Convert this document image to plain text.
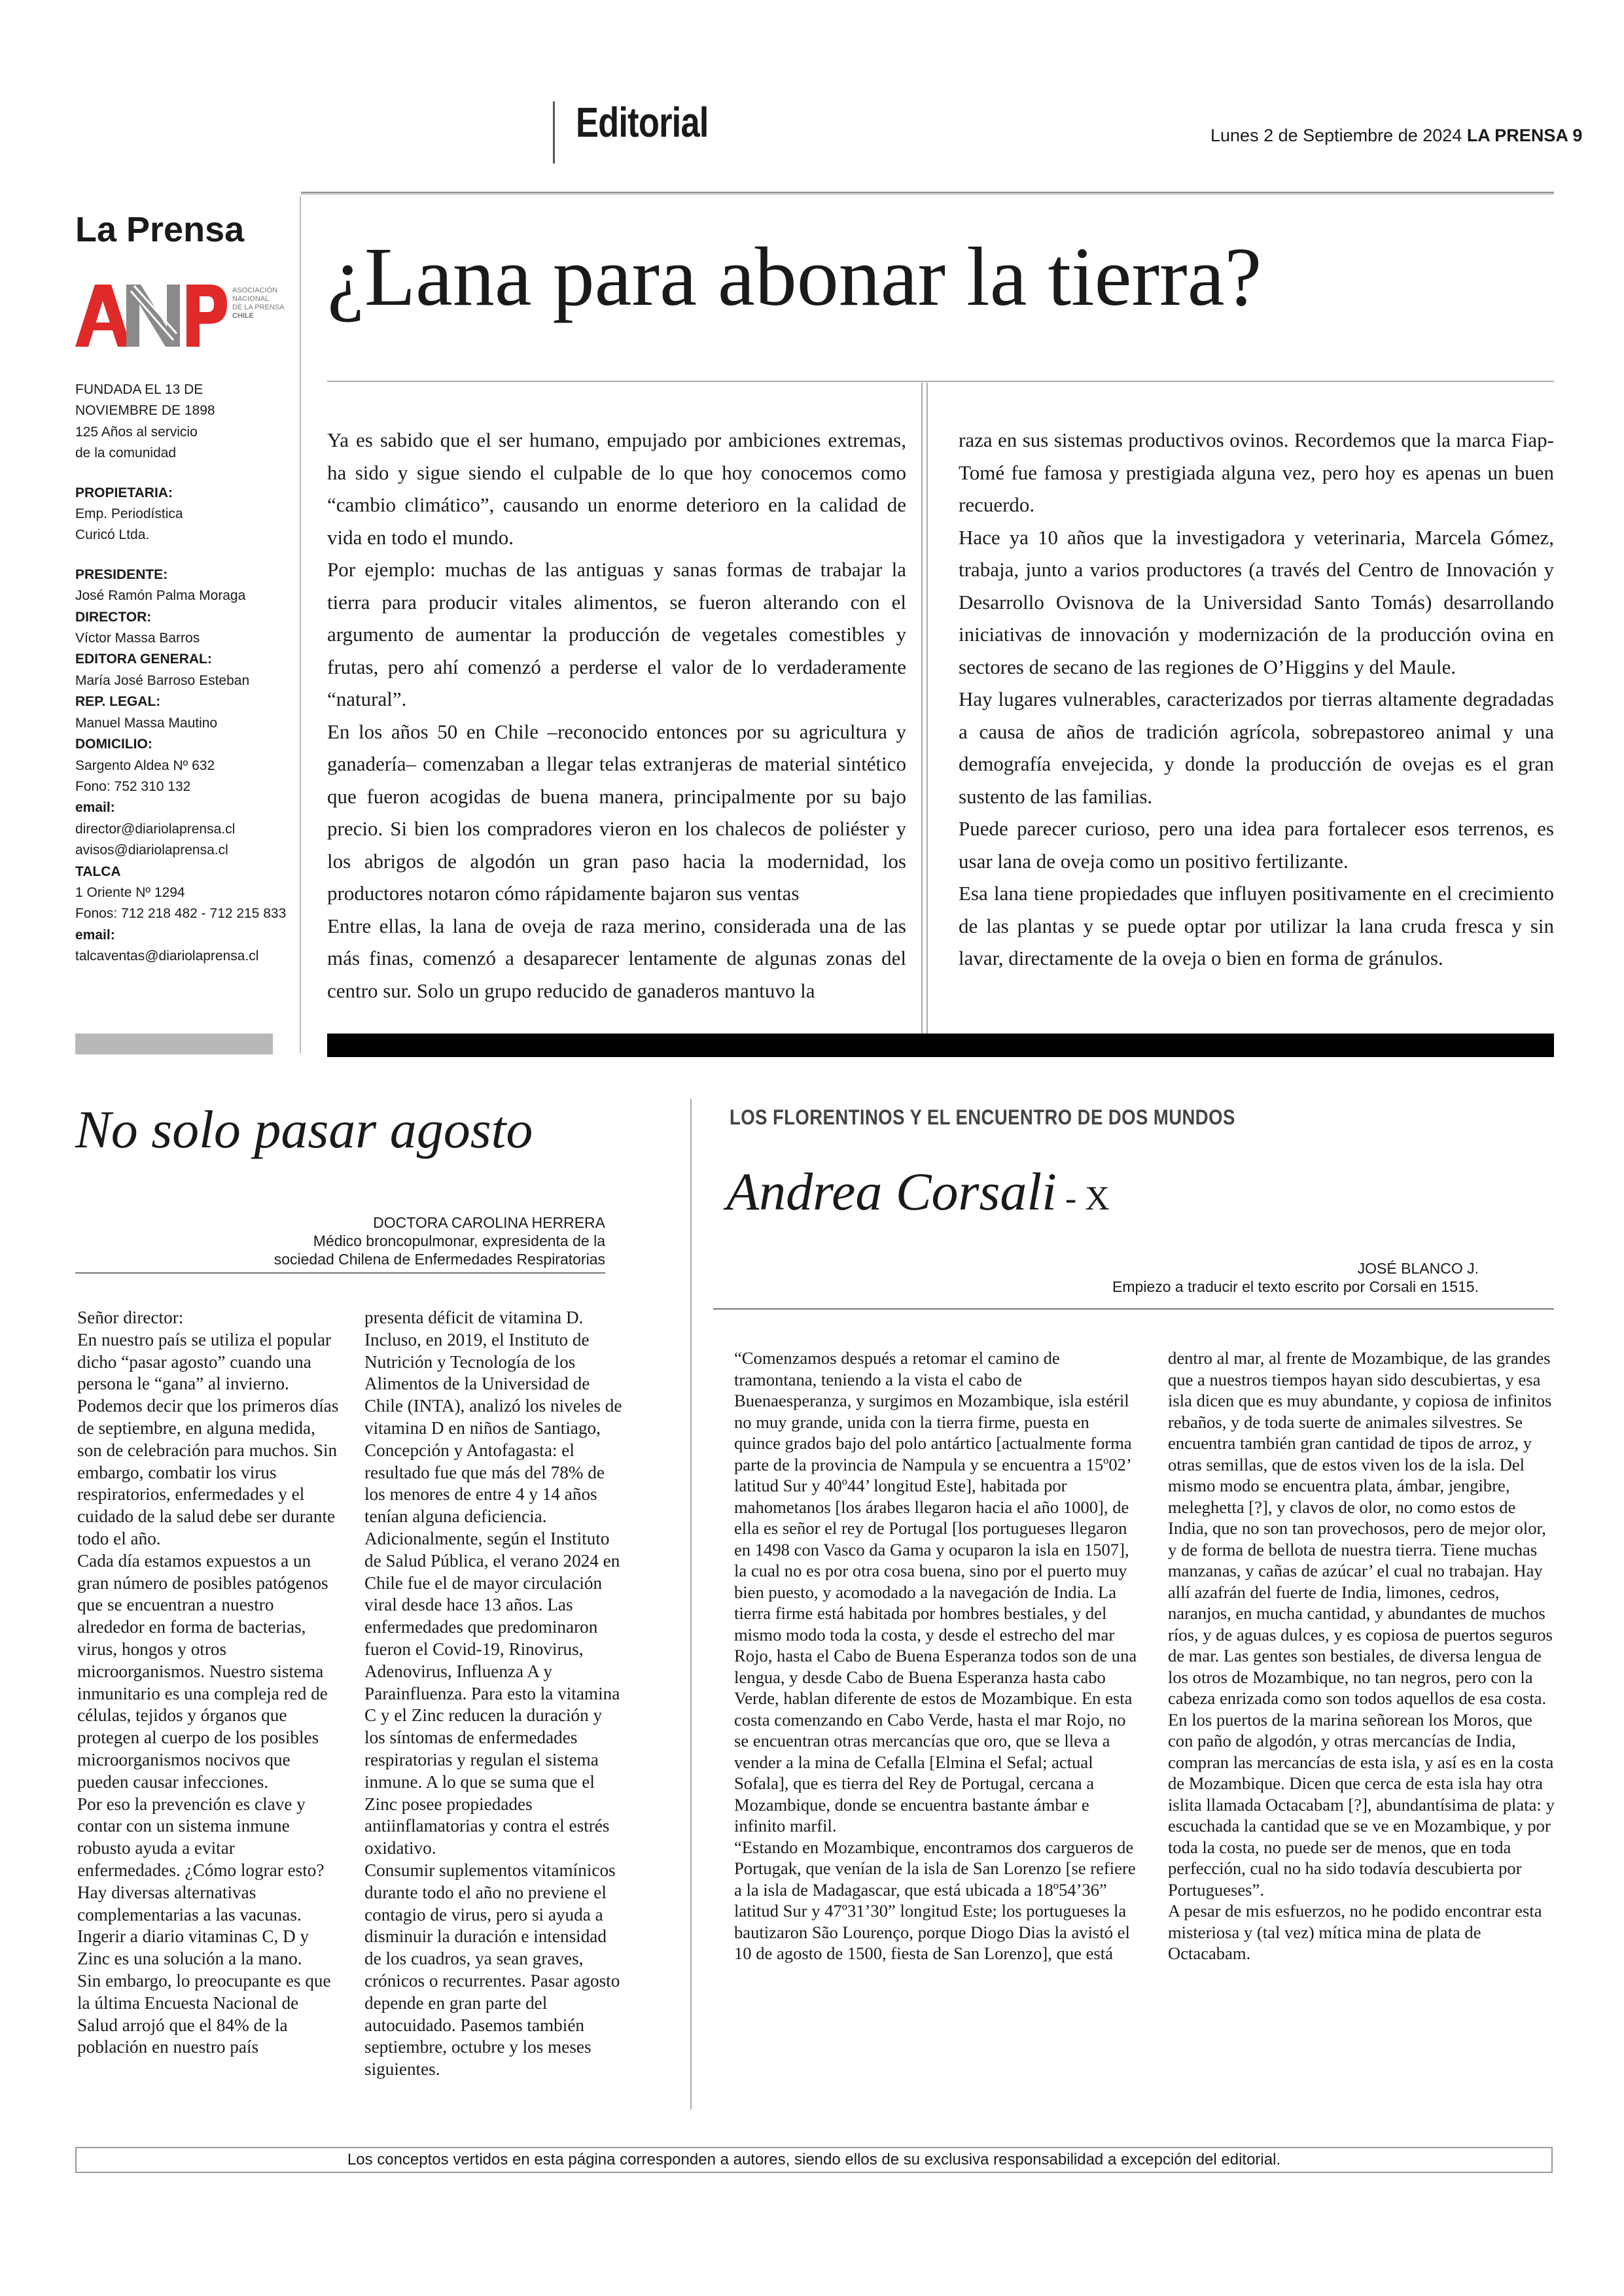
Editorial	Lunes 2 de Septiembre de 2024 LA PRENSA 9
La Prensa
ASOCIACIÓN
NACIONAL
DE LA PRENSA
CHILE
FUNDADA EL 13 DE
NOVIEMBRE DE 1898
125 Años al servicio
de la comunidad
PROPIETARIA:
Emp. Periodística
Curicó Ltda.
PRESIDENTE:
José Ramón Palma Moraga
DIRECTOR:
Víctor Massa Barros
EDITORA GENERAL:
María José Barroso Esteban
REP. LEGAL:
Manuel Massa Mautino
DOMICILIO:
Sargento Aldea Nº 632
Fono: 752 310 132
email:
director@diariolaprensa.cl
avisos@diariolaprensa.cl
TALCA
1 Oriente Nº 1294
Fonos: 712 218 482 - 712 215 833
email:
talcaventas@diariolaprensa.cl
¿Lana para abonar la tierra?

Ya es sabido que el ser humano, empujado por ambiciones extremas, ha sido y sigue siendo el culpable de lo que hoy conocemos como “cambio climático”, causando un enorme deterioro en la calidad de vida en todo el mundo.

Por ejemplo: muchas de las antiguas y sanas formas de trabajar la tierra para producir vitales alimentos, se fueron alterando con el argumento de aumentar la producción de vegetales comestibles y frutas, pero ahí comenzó a perderse el valor de lo verdaderamente “natural”.

En los años 50 en Chile –reconocido entonces por su agricultura y ganadería– comenzaban a llegar telas extranjeras de material sintético que fueron acogidas de buena manera, principalmente por su bajo precio. Si bien los compradores vieron en los chalecos de poliéster y los abrigos de algodón un gran paso hacia la modernidad, los productores notaron cómo rápidamente bajaron sus ventas

Entre ellas, la lana de oveja de raza merino, considerada una de las más finas, comenzó a desaparecer lentamente de algunas zonas del centro sur. Solo un grupo reducido de ganaderos mantuvo la

raza en sus sistemas productivos ovinos. Recordemos que la marca Fiap-Tomé fue famosa y prestigiada alguna vez, pero hoy es apenas un buen recuerdo.

Hace ya 10 años que la investigadora y veterinaria, Marcela Gómez, trabaja, junto a varios productores (a través del Centro de Innovación y Desarrollo Ovisnova de la Universidad Santo Tomás) desarrollando iniciativas de innovación y modernización de la producción ovina en sectores de secano de las regiones de O’Higgins y del Maule.

Hay lugares vulnerables, caracterizados por tierras altamente degradadas a causa de años de tradición agrícola, sobrepastoreo animal y una demografía envejecida, y donde la producción de ovejas es el gran sustento de las familias.

Puede parecer curioso, pero una idea para fortalecer esos terrenos, es usar lana de oveja como un positivo fertilizante.

Esa lana tiene propiedades que influyen positivamente en el crecimiento de las plantas y se puede optar por utilizar la lana cruda fresca y sin lavar, directamente de la oveja o bien en forma de gránulos.

No solo pasar agosto
DOCTORA CAROLINA HERRERA
Médico broncopulmonar, expresidenta de la sociedad Chilena de Enfermedades Respiratorias

Señor director:

En nuestro país se utiliza el popular dicho “pasar agosto” cuando una persona le “gana” al invierno. Podemos decir que los primeros días de septiembre, en alguna medida, son de celebración para muchos. Sin embargo, combatir los virus respiratorios, enfermedades y el cuidado de la salud debe ser durante todo el año.

Cada día estamos expuestos a un gran número de posibles patógenos que se encuentran a nuestro alrededor en forma de bacterias, virus, hongos y otros microorganismos. Nuestro sistema inmunitario es una compleja red de células, tejidos y órganos que protegen al cuerpo de los posibles microorganismos nocivos que pueden causar infecciones.

Por eso la prevención es clave y contar con un sistema inmune robusto ayuda a evitar enfermedades. ¿Cómo lograr esto? Hay diversas alternativas complementarias a las vacunas. Ingerir a diario vitaminas C, D y Zinc es una solución a la mano.

Sin embargo, lo preocupante es que la última Encuesta Nacional de Salud arrojó que el 84% de la población en nuestro país

presenta déficit de vitamina D. Incluso, en 2019, el Instituto de Nutrición y Tecnología de los Alimentos de la Universidad de Chile (INTA), analizó los niveles de vitamina D en niños de Santiago, Concepción y Antofagasta: el resultado fue que más del 78% de los menores de entre 4 y 14 años tenían alguna deficiencia.

Adicionalmente, según el Instituto de Salud Pública, el verano 2024 en Chile fue el de mayor circulación viral desde hace 13 años. Las enfermedades que predominaron fueron el Covid-19, Rinovirus, Adenovirus, Influenza A y Parainfluenza. Para esto la vitamina C y el Zinc reducen la duración y los síntomas de enfermedades respiratorias y regulan el sistema inmune. A lo que se suma que el Zinc posee propiedades antiinflamatorias y contra el estrés oxidativo.

Consumir suplementos vitamínicos durante todo el año no previene el contagio de virus, pero si ayuda a disminuir la duración e intensidad de los cuadros, ya sean graves, crónicos o recurrentes. Pasar agosto depende en gran parte del autocuidado. Pasemos también septiembre, octubre y los meses siguientes.

LOS FLORENTINOS Y EL ENCUENTRO DE DOS MUNDOS
Andrea Corsali - X
JOSÉ BLANCO J.
Empiezo a traducir el texto escrito por Corsali en 1515.

“Comenzamos después a retomar el camino de tramontana, teniendo a la vista el cabo de Buenaesperanza, y surgimos en Mozambique, isla estéril no muy grande, unida con la tierra firme, puesta en quince grados bajo del polo antártico [actualmente forma parte de la provincia de Nampula y se encuentra a 15º02’ latitud Sur y 40º44’ longitud Este], habitada por mahometanos [los árabes llegaron hacia el año 1000], de ella es señor el rey de Portugal [los portugueses llegaron en 1498 con Vasco da Gama y ocuparon la isla en 1507], la cual no es por otra cosa buena, sino por el puerto muy bien puesto, y acomodado a la navegación de India. La tierra firme está habitada por hombres bestiales, y del mismo modo toda la costa, y desde el estrecho del mar Rojo, hasta el Cabo de Buena Esperanza todos son de una lengua, y desde Cabo de Buena Esperanza hasta cabo Verde, hablan diferente de estos de Mozambique. En esta costa comenzando en Cabo Verde, hasta el mar Rojo, no se encuentran otras mercancías que oro, que se lleva a vender a la mina de Cefalla [Elmina el Sefal; actual Sofala], que es tierra del Rey de Portugal, cercana a Mozambique, donde se encuentra bastante ámbar e infinito marfil.

“Estando en Mozambique, encontramos dos cargueros de Portugak, que venían de la isla de San Lorenzo [se refiere a la isla de Madagascar, que está ubicada a 18º54’36” latitud Sur y 47º31’30” longitud Este; los portugueses la bautizaron São Lourenço, porque Diogo Dias la avistó el 10 de agosto de 1500, fiesta de San Lorenzo], que está

dentro al mar, al frente de Mozambique, de las grandes que a nuestros tiempos hayan sido descubiertas, y esa isla dicen que es muy abundante, y copiosa de infinitos rebaños, y de toda suerte de animales silvestres. Se encuentra también gran cantidad de tipos de arroz, y otras semillas, que de estos viven los de la isla. Del mismo modo se encuentra plata, ámbar, jengibre, meleghetta [?], y clavos de olor, no como estos de India, que no son tan provechosos, pero de mejor olor, y de forma de bellota de nuestra tierra. Tiene muchas manzanas, y cañas de azúcar’ el cual no trabajan. Hay allí azafrán del fuerte de India, limones, cedros, naranjos, en mucha cantidad, y abundantes de muchos ríos, y de aguas dulces, y es copiosa de puertos seguros de mar. Las gentes son bestiales, de diversa lengua de los otros de Mozambique, no tan negros, pero con la cabeza enrizada como son todos aquellos de esa costa. En los puertos de la marina señorean los Moros, que con paño de algodón, y otras mercancías de India, compran las mercancías de esta isla, y así es en la costa de Mozambique. Dicen que cerca de esta isla hay otra islita llamada Octacabam [?], abundantísima de plata: y escuchada la cantidad que se ve en Mozambique, y por toda la costa, no puede ser de menos, que en toda perfección, cual no ha sido todavía descubierta por Portugueses”.

A pesar de mis esfuerzos, no he podido encontrar esta misteriosa y (tal vez) mítica mina de plata de Octacabam.

Los conceptos vertidos en esta página corresponden a autores, siendo ellos de su exclusiva responsabilidad a excepción del editorial.
